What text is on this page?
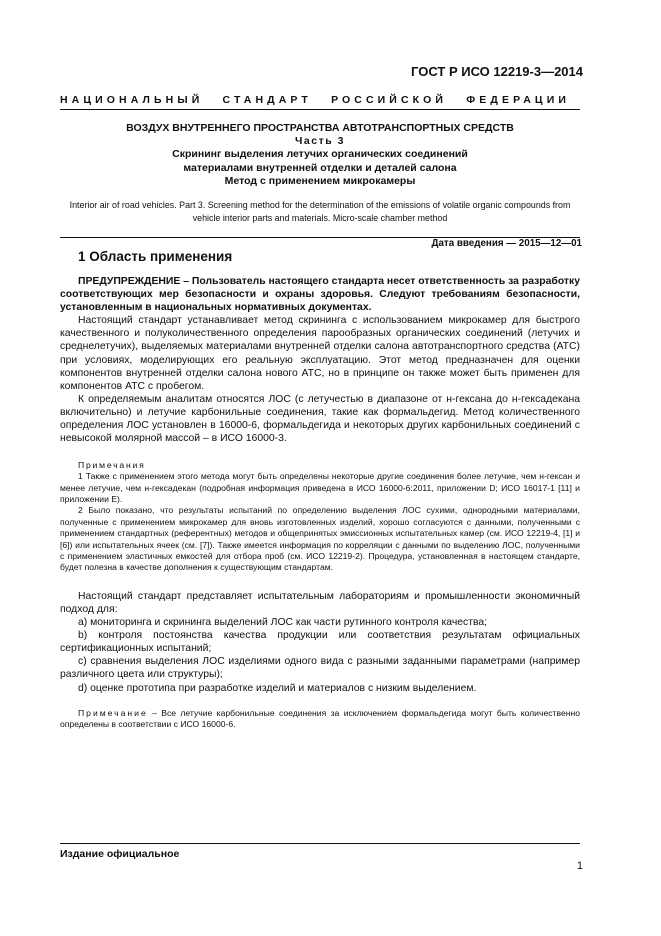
ГОСТ Р ИСО 12219-3—2014
НАЦИОНАЛЬНЫЙ СТАНДАРТ РОССИЙСКОЙ ФЕДЕРАЦИИ
ВОЗДУХ ВНУТРЕННЕГО ПРОСТРАНСТВА АВТОТРАНСПОРТНЫХ СРЕДСТВ
Часть 3
Скрининг выделения летучих органических соединений
материалами внутренней отделки и деталей салона
Метод с применением микрокамеры
Interior air of road vehicles. Part 3. Screening method for the determination of the emissions of volatile organic compounds from vehicle interior parts and materials. Micro-scale chamber method
Дата введения — 2015—12—01
1 Область применения

ПРЕДУПРЕЖДЕНИЕ – Пользователь настоящего стандарта несет ответственность за разработку соответствующих мер безопасности и охраны здоровья. Следуют требованиям безопасности, установленным в национальных нормативных документах.

Настоящий стандарт устанавливает метод скрининга с использованием микрокамер для быстрого качественного и полуколичественного определения парообразных органических соединений (летучих и среднелетучих), выделяемых материалами внутренней отделки салона автотранспортного средства (АТС) при условиях, моделирующих его реальную эксплуатацию. Этот метод предназначен для оценки компонентов внутренней отделки салона нового АТС, но в принципе он также может быть применен для компонентов АТС с пробегом.

К определяемым аналитам относятся ЛОС (с летучестью в диапазоне от н-гексана до н-гексадекана включительно) и летучие карбонильные соединения, такие как формальдегид. Метод количественного определения ЛОС установлен в 16000-6, формальдегида и некоторых других карбонильных соединений с невысокой молярной массой – в ИСО 16000-3.

Примечания

1 Также с применением этого метода могут быть определены некоторые другие соединения более летучие, чем н-гексан и менее летучие, чем н-гексадекан (подробная информация приведена в ИСО 16000-6:2011, приложении D; ИСО 16017-1 [11] и приложении Е).

2 Было показано, что результаты испытаний по определению выделения ЛОС сухими, однородными материалами, полученные с применением микрокамер для вновь изготовленных изделий, хорошо согласуются с данными, полученными с применением стандартных (референтных) методов и общепринятых эмиссионных испытательных камер (см. ИСО 12219-4, [1] и [6]) или испытательных ячеек (см. [7]). Также имеется информация по корреляции с данными по выделению ЛОС, полученными с применением эластичных емкостей для отбора проб (см. ИСО 12219-2). Процедура, установленная в настоящем стандарте, будет полезна в качестве дополнения к существующим стандартам.

Настоящий стандарт представляет испытательным лабораториям и промышленности экономичный подход для:

a) мониторинга и скрининга выделений ЛОС как части рутинного контроля качества;

b) контроля постоянства качества продукции или соответствия результатам официальных сертификационных испытаний;

c) сравнения выделения ЛОС изделиями одного вида с разными заданными параметрами (например различного цвета или структуры);

d) оценке прототипа при разработке изделий и материалов с низким выделением.

Примечание – Все летучие карбонильные соединения за исключением формальдегида могут быть количественно определены в соответствии с ИСО 16000-6.

Издание официальное
1
